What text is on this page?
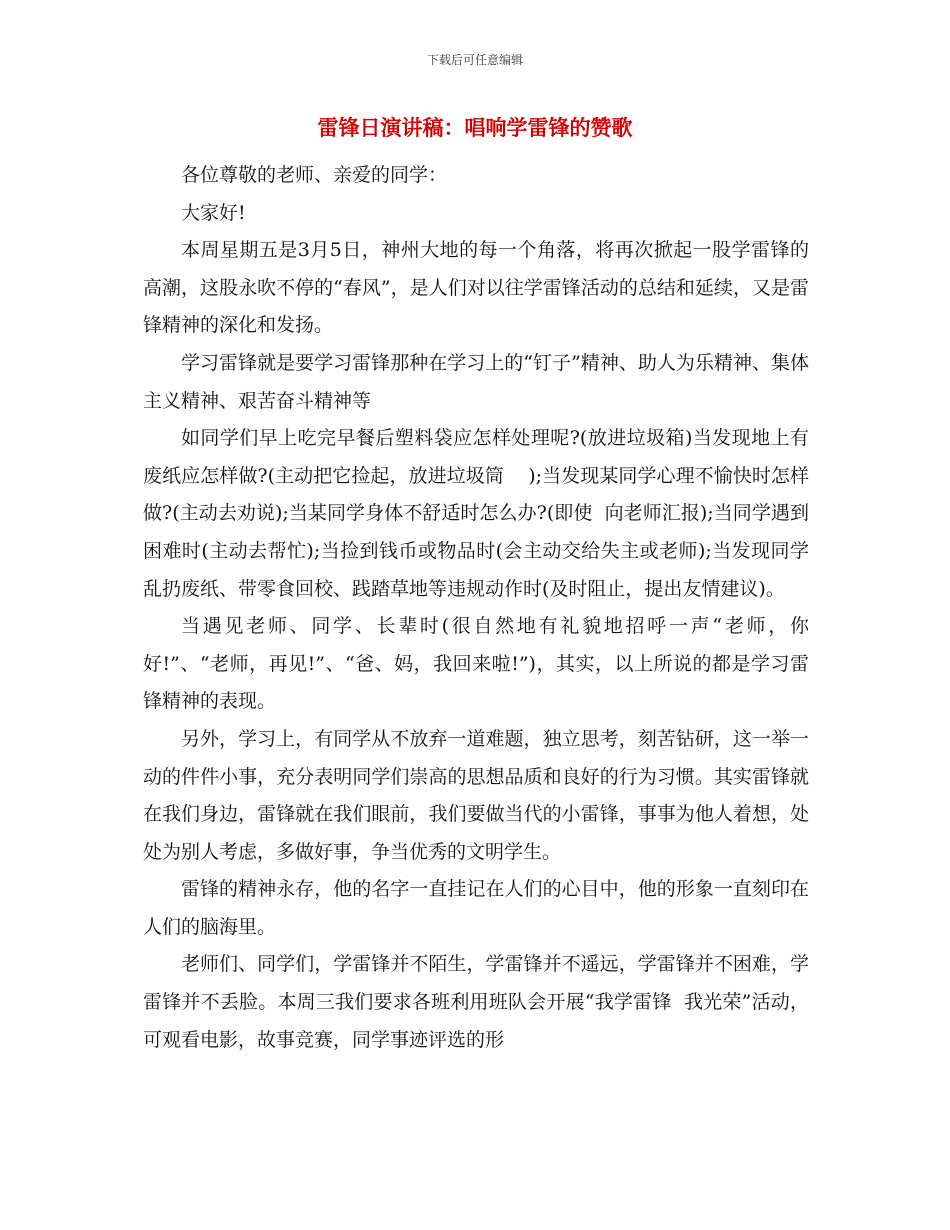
下载后可任意编辑
雷锋日演讲稿：唱响学雷锋的赞歌

各位尊敬的老师、亲爱的同学：

大家好!

本周星期五是3月5日，神州大地的每一个角落，将再次掀起一股学雷锋的高潮，这股永吹不停的“春风”，是人们对以往学雷锋活动的总结和延续，又是雷锋精神的深化和发扬。

学习雷锋就是要学习雷锋那种在学习上的“钉子”精神、助人为乐精神、集体主义精神、艰苦奋斗精神等

如同学们早上吃完早餐后塑料袋应怎样处理呢?(放进垃圾箱)当发现地上有废纸应怎样做?(主动把它捡起，放进垃圾筒    );当发现某同学心理不愉快时怎样做?(主动去劝说);当某同学身体不舒适时怎么办?(即使  向老师汇报);当同学遇到困难时(主动去帮忙);当捡到钱币或物品时(会主动交给失主或老师);当发现同学乱扔废纸、带零食回校、践踏草地等违规动作时(及时阻止，提出友情建议)。

当遇见老师、同学、长辈时(很自然地有礼貌地招呼一声“老师，你好!”、“老师，再见!”、“爸、妈，我回来啦!”)，其实，以上所说的都是学习雷锋精神的表现。

另外，学习上，有同学从不放弃一道难题，独立思考，刻苦钻研，这一举一动的件件小事，充分表明同学们崇高的思想品质和良好的行为习惯。其实雷锋就在我们身边，雷锋就在我们眼前，我们要做当代的小雷锋，事事为他人着想，处处为别人考虑，多做好事，争当优秀的文明学生。

雷锋的精神永存，他的名字一直挂记在人们的心目中，他的形象一直刻印在人们的脑海里。

老师们、同学们，学雷锋并不陌生，学雷锋并不遥远，学雷锋并不困难，学雷锋并不丢脸。本周三我们要求各班利用班队会开展“我学雷锋  我光荣”活动，可观看电影，故事竞赛，同学事迹评选的形
